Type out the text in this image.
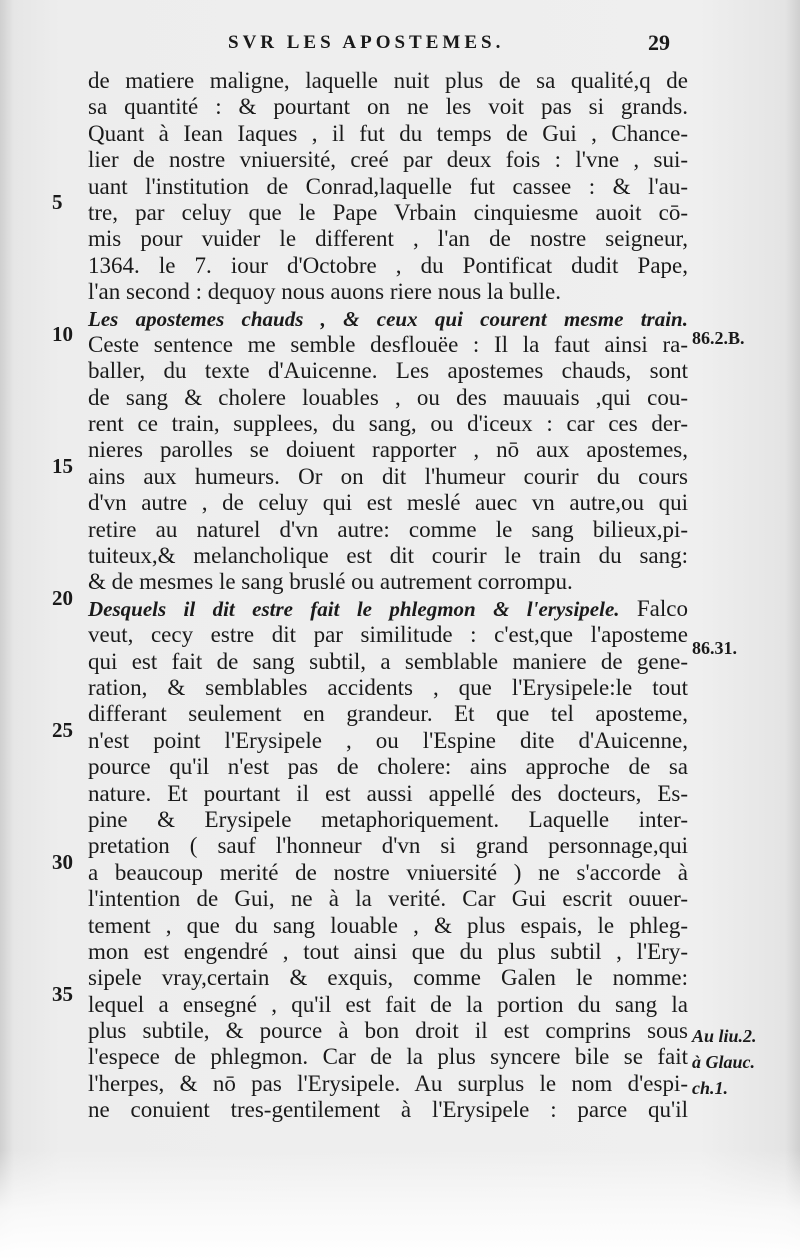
SVR LES APOSTEMES.	29
de matiere maligne, laquelle nuit plus de sa qualité,q de
sa quantité : & pourtant on ne les voit pas si grands.
Quant à Iean Iaques , il fut du temps de Gui , Chance-
lier de nostre vniuersité, creé par deux fois : l'vne , sui-
uant l'institution de Conrad,laquelle fut cassee : & l'au-
tre, par celuy que le Pape Vrbain cinquiesme auoit cō-
mis pour vuider le different , l'an de nostre seigneur,
1364. le 7. iour d'Octobre , du Pontificat dudit Pape,
l'an second : dequoy nous auons riere nous la bulle.
Les apostemes chauds , & ceux qui courent mesme train.
Ceste sentence me semble desflouëe : Il la faut ainsi ra-
baller, du texte d'Auicenne. Les apostemes chauds, sont
de sang & cholere louables , ou des mauuais ,qui cou-
rent ce train, supplees, du sang, ou d'iceux : car ces der-
nieres parolles se doiuent rapporter , nō aux apostemes,
ains aux humeurs. Or on dit l'humeur courir du cours
d'vn autre , de celuy qui est meslé auec vn autre,ou qui
retire au naturel d'vn autre: comme le sang bilieux,pi-
tuiteux,& melancholique est dit courir le train du sang:
& de mesmes le sang bruslé ou autrement corrompu.
Desquels il dit estre fait le phlegmon & l'erysipele. Falco
veut, cecy estre dit par similitude : c'est,que l'aposteme
qui est fait de sang subtil, a semblable maniere de gene-
ration, & semblables accidents , que l'Erysipele:le tout
differant seulement en grandeur. Et que tel aposteme,
n'est point l'Erysipele , ou l'Espine dite d'Auicenne,
pource qu'il n'est pas de cholere: ains approche de sa
nature. Et pourtant il est aussi appellé des docteurs, Es-
pine & Erysipele metaphoriquement. Laquelle inter-
pretation ( sauf l'honneur d'vn si grand personnage,qui
a beaucoup merité de nostre vniuersité ) ne s'accorde à
l'intention de Gui, ne à la verité. Car Gui escrit ouuer-
tement , que du sang louable , & plus espais, le phleg-
mon est engendré , tout ainsi que du plus subtil , l'Ery-
sipele vray,certain & exquis, comme Galen le nomme:
lequel a ensegné , qu'il est fait de la portion du sang la
plus subtile, & pource à bon droit il est comprins sous
l'espece de phlegmon. Car de la plus syncere bile se fait
l'herpes, & nō pas l'Erysipele. Au surplus le nom d'espi-
ne conuient tres-gentilement à l'Erysipele : parce qu'il
5
10
15
20
25
30
35
86.2.B.
86.31.
Au liu.2.
à Glauc.
ch.1.
